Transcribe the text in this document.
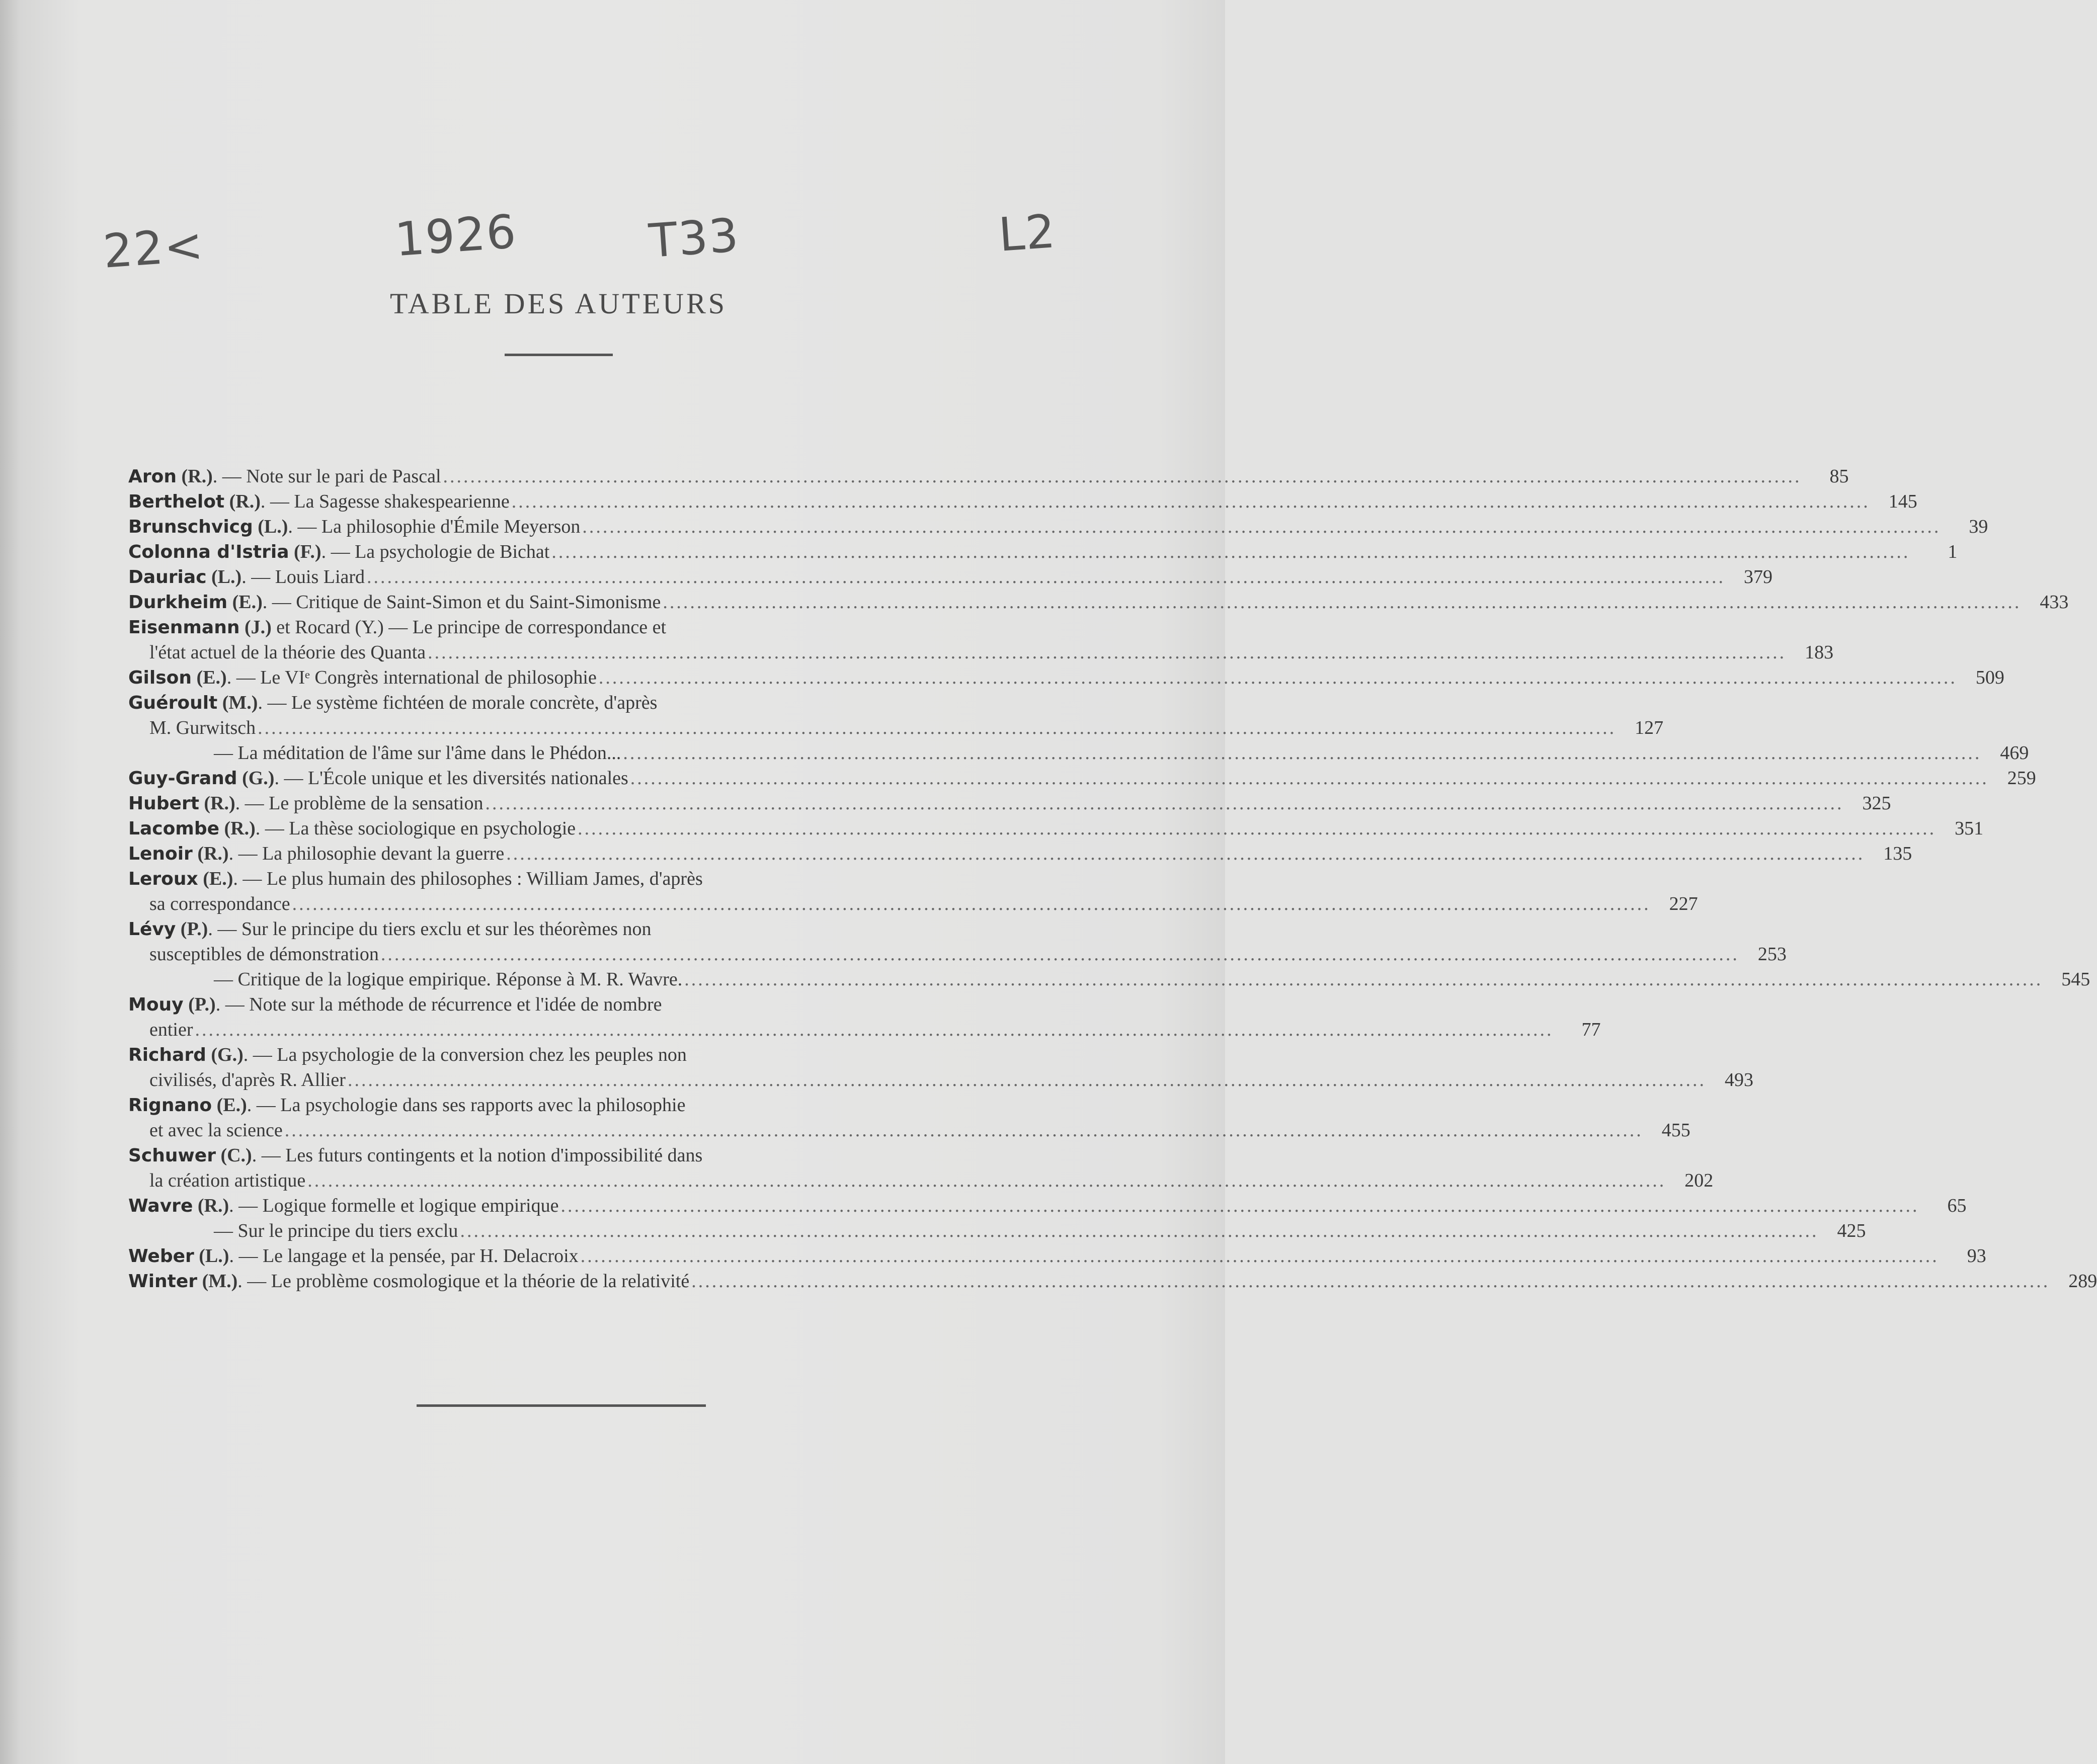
22<	1926	T33	L2
TABLE DES AUTEURS
Aron (R.). — Note sur le pari de Pascal .....	85
Berthelot (R.). — La Sagesse shakespearienne .....	145
Brunschvicg (L.). — La philosophie d'Émile Meyerson .....	39
Colonna d'Istria (F.). — La psychologie de Bichat .....	1
Dauriac (L.). — Louis Liard .....	379
Durkheim (E.). — Critique de Saint-Simon et du Saint-Simonisme .....	433
Eisenmann (J.) et Rocard (Y.) — Le principe de correspondance et
l'état actuel de la théorie des Quanta .....	183
Gilson (E.). — Le VIᵉ Congrès international de philosophie .....	509
Guéroult (M.). — Le système fichtéen de morale concrète, d'après
M. Gurwitsch .....	127
— La méditation de l'âme sur l'âme dans le Phédon... .....	469
Guy-Grand (G.). — L'École unique et les diversités nationales .....	259
Hubert (R.). — Le problème de la sensation .....	325
Lacombe (R.). — La thèse sociologique en psychologie .....	351
Lenoir (R.). — La philosophie devant la guerre .....	135
Leroux (E.). — Le plus humain des philosophes : William James, d'après
sa correspondance .....	227
Lévy (P.). — Sur le principe du tiers exclu et sur les théorèmes non
susceptibles de démonstration .....	253
— Critique de la logique empirique. Réponse à M. R. Wavre. .....	545
Mouy (P.). — Note sur la méthode de récurrence et l'idée de nombre
entier .....	77
Richard (G.). — La psychologie de la conversion chez les peuples non
civilisés, d'après R. Allier .....	493
Rignano (E.). — La psychologie dans ses rapports avec la philosophie
et avec la science .....	455
Schuwer (C.). — Les futurs contingents et la notion d'impossibilité dans
la création artistique .....	202
Wavre (R.). — Logique formelle et logique empirique .....	65
— Sur le principe du tiers exclu .....	425
Weber (L.). — Le langage et la pensée, par H. Delacroix .....	93
Winter (M.). — Le problème cosmologique et la théorie de la relativité .....	289
